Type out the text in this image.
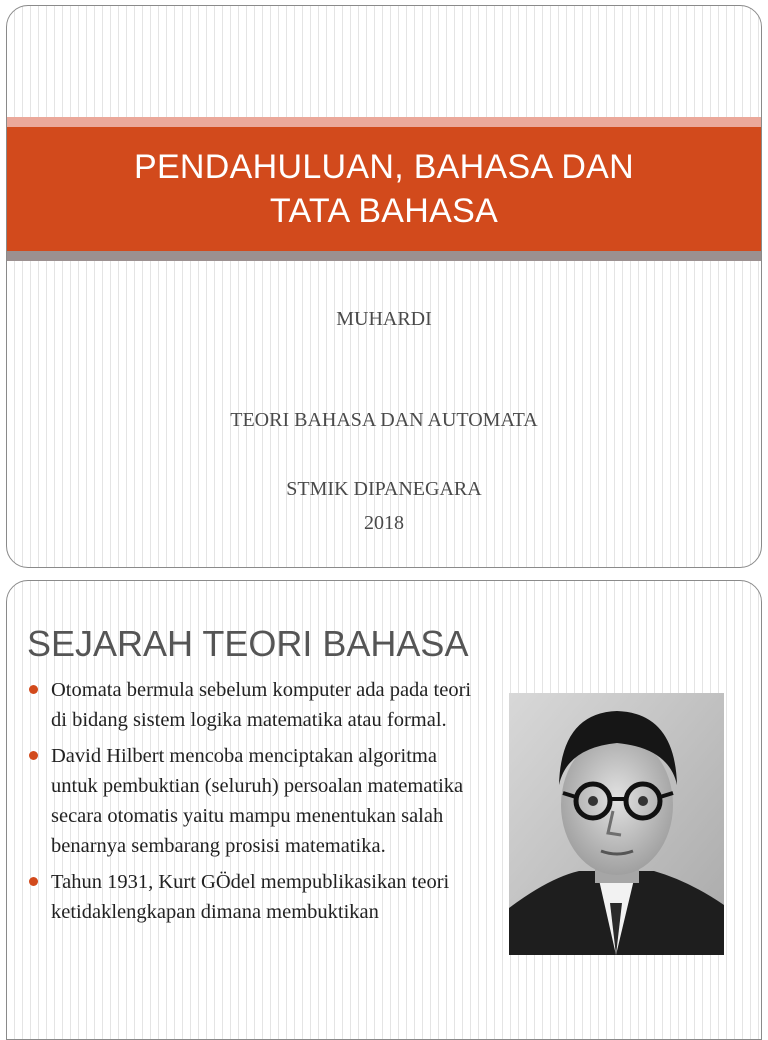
PENDAHULUAN, BAHASA DAN
TATA BAHASA
MUHARDI
TEORI BAHASA DAN AUTOMATA
STMIK DIPANEGARA
2018
SEJARAH TEORI BAHASA
Otomata bermula sebelum komputer ada pada teori di bidang sistem logika matematika atau formal.
David Hilbert mencoba menciptakan algoritma untuk pembuktian (seluruh) persoalan matematika secara otomatis yaitu mampu menentukan salah benarnya sembarang prosisi matematika.
Tahun 1931, Kurt GÖdel mempublikasikan teori ketidaklengkapan dimana membuktikan
